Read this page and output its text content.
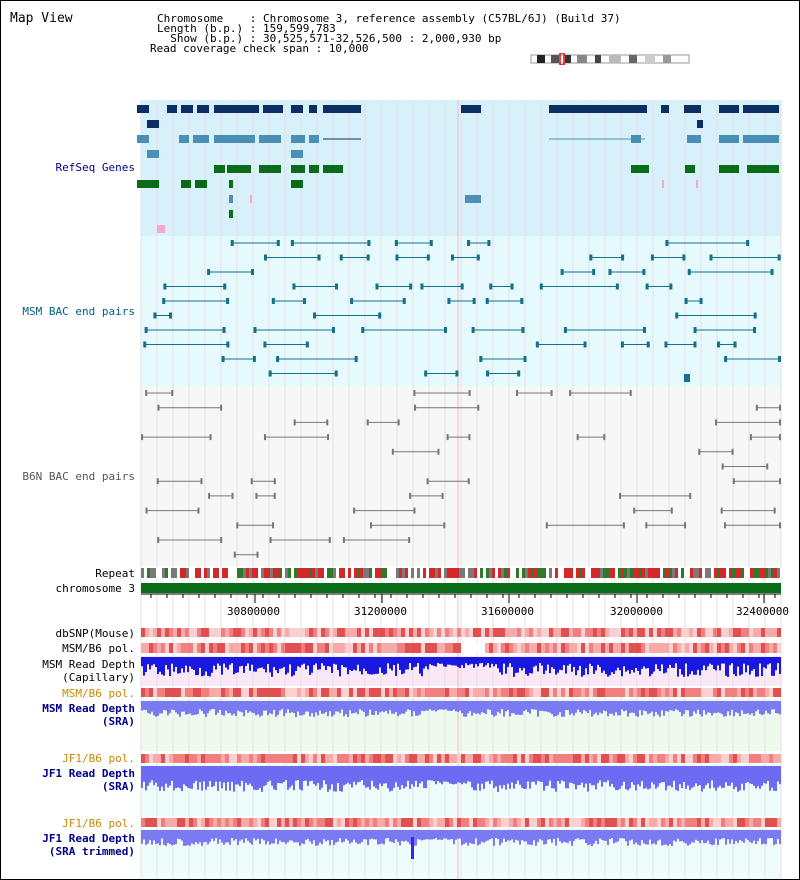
Map View	Chromosome    : Chromosome 3, reference assembly (C57BL/6J) (Build 37)
Length (b.p.) : 159,599,783
Show (b.p.) : 30,525,571-32,526,500 : 2,000,930 bp
Read coverage check span : 10,000
RefSeq Genes
MSM BAC end pairs
B6N BAC end pairs
Repeat
chromosome 3
dbSNP(Mouse)
MSM/B6 pol.
MSM Read Depth
(Capillary)
MSM/B6 pol.
MSM Read Depth
(SRA)
JF1/B6 pol.
JF1 Read Depth
(SRA)
JF1/B6 pol.
JF1 Read Depth
(SRA trimmed)
30800000	31200000	31600000	32000000	32400000
